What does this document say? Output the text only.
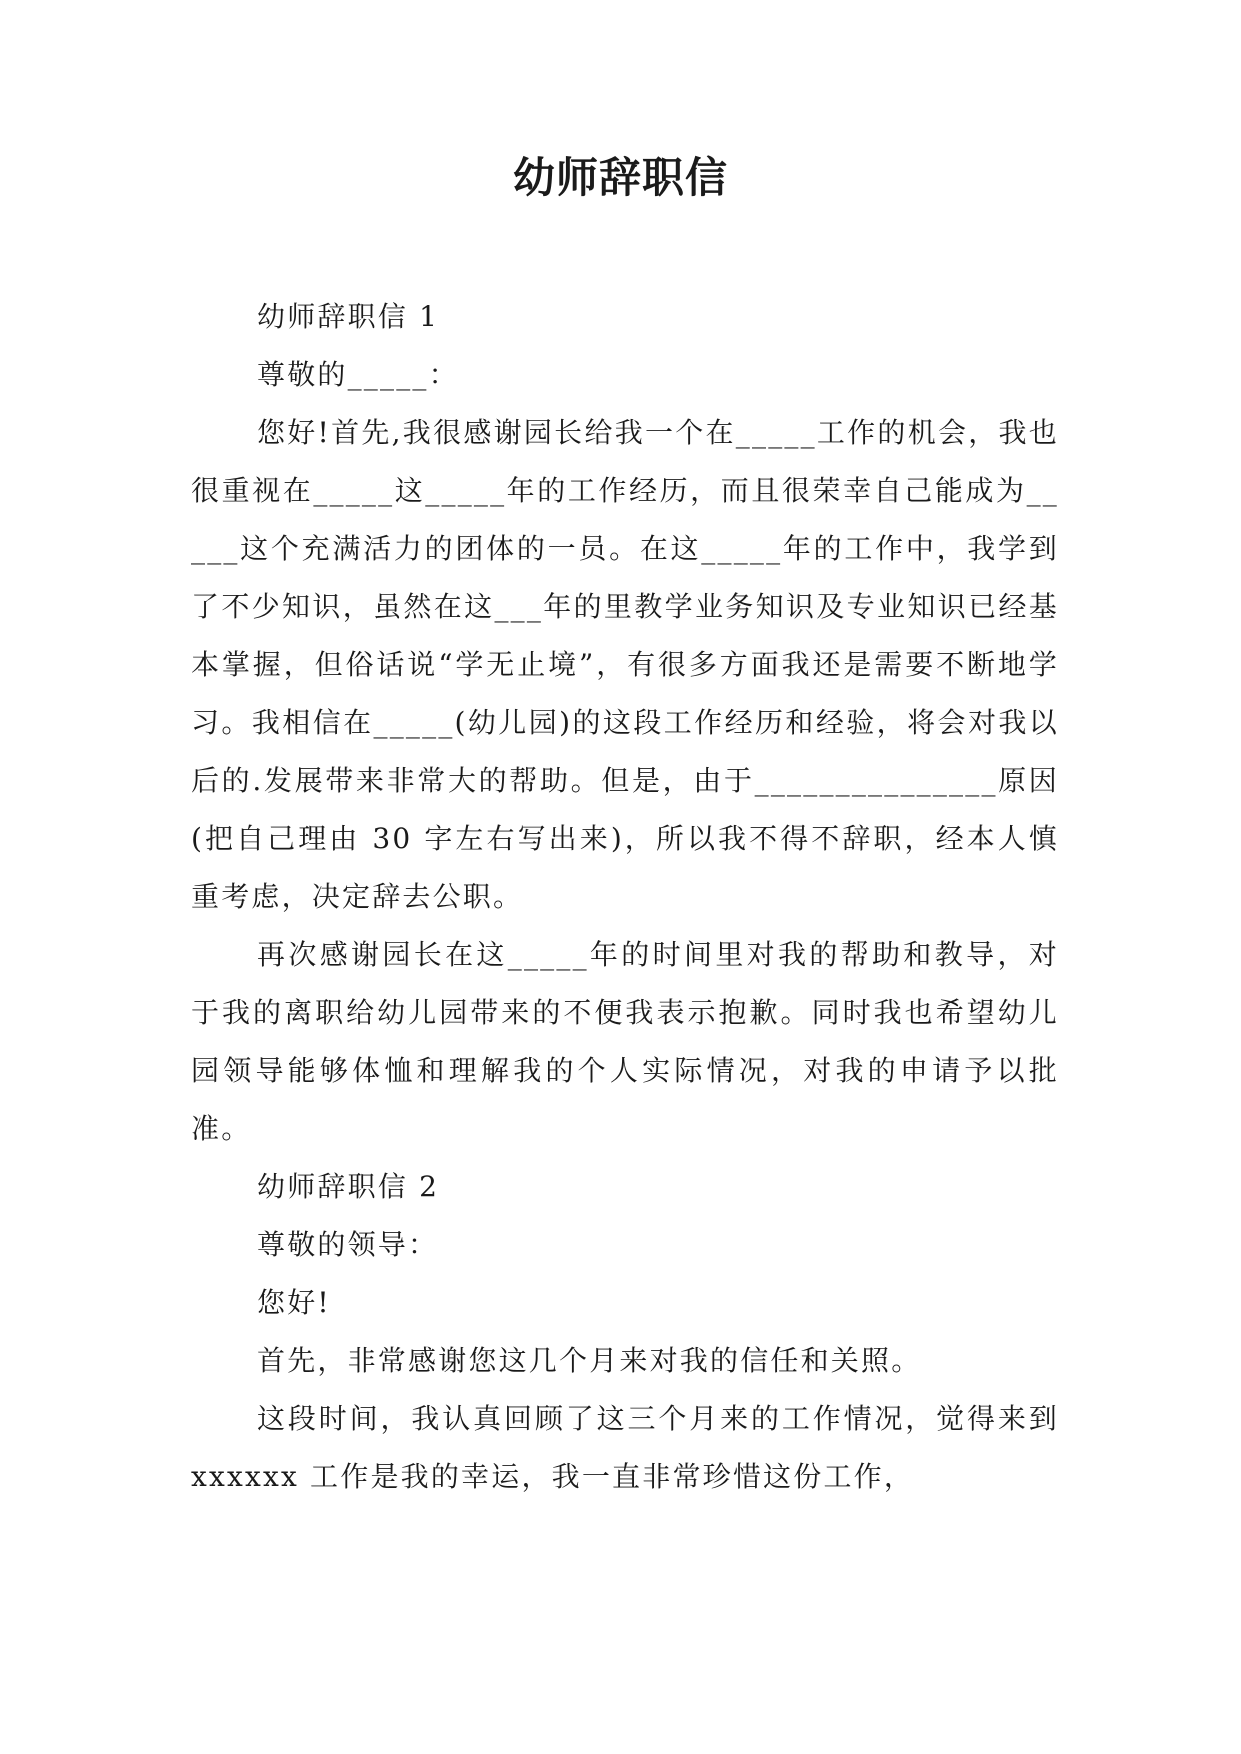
幼师辞职信

幼师辞职信 1

尊敬的_____：

您好!首先,我很感谢园长给我一个在_____工作的机会，我也很重视在_____这_____年的工作经历，而且很荣幸自己能成为_____这个充满活力的团体的一员。在这_____年的工作中，我学到了不少知识，虽然在这___年的里教学业务知识及专业知识已经基本掌握，但俗话说“学无止境”，有很多方面我还是需要不断地学习。我相信在_____(幼儿园)的这段工作经历和经验，将会对我以后的.发展带来非常大的帮助。但是，由于_______________原因(把自己理由 30 字左右写出来)，所以我不得不辞职，经本人慎重考虑，决定辞去公职。

再次感谢园长在这_____年的时间里对我的帮助和教导，对于我的离职给幼儿园带来的不便我表示抱歉。同时我也希望幼儿园领导能够体恤和理解我的个人实际情况，对我的申请予以批准。

幼师辞职信 2

尊敬的领导：

您好!

首先，非常感谢您这几个月来对我的信任和关照。

这段时间，我认真回顾了这三个月来的工作情况，觉得来到 xxxxxx 工作是我的幸运，我一直非常珍惜这份工作，
